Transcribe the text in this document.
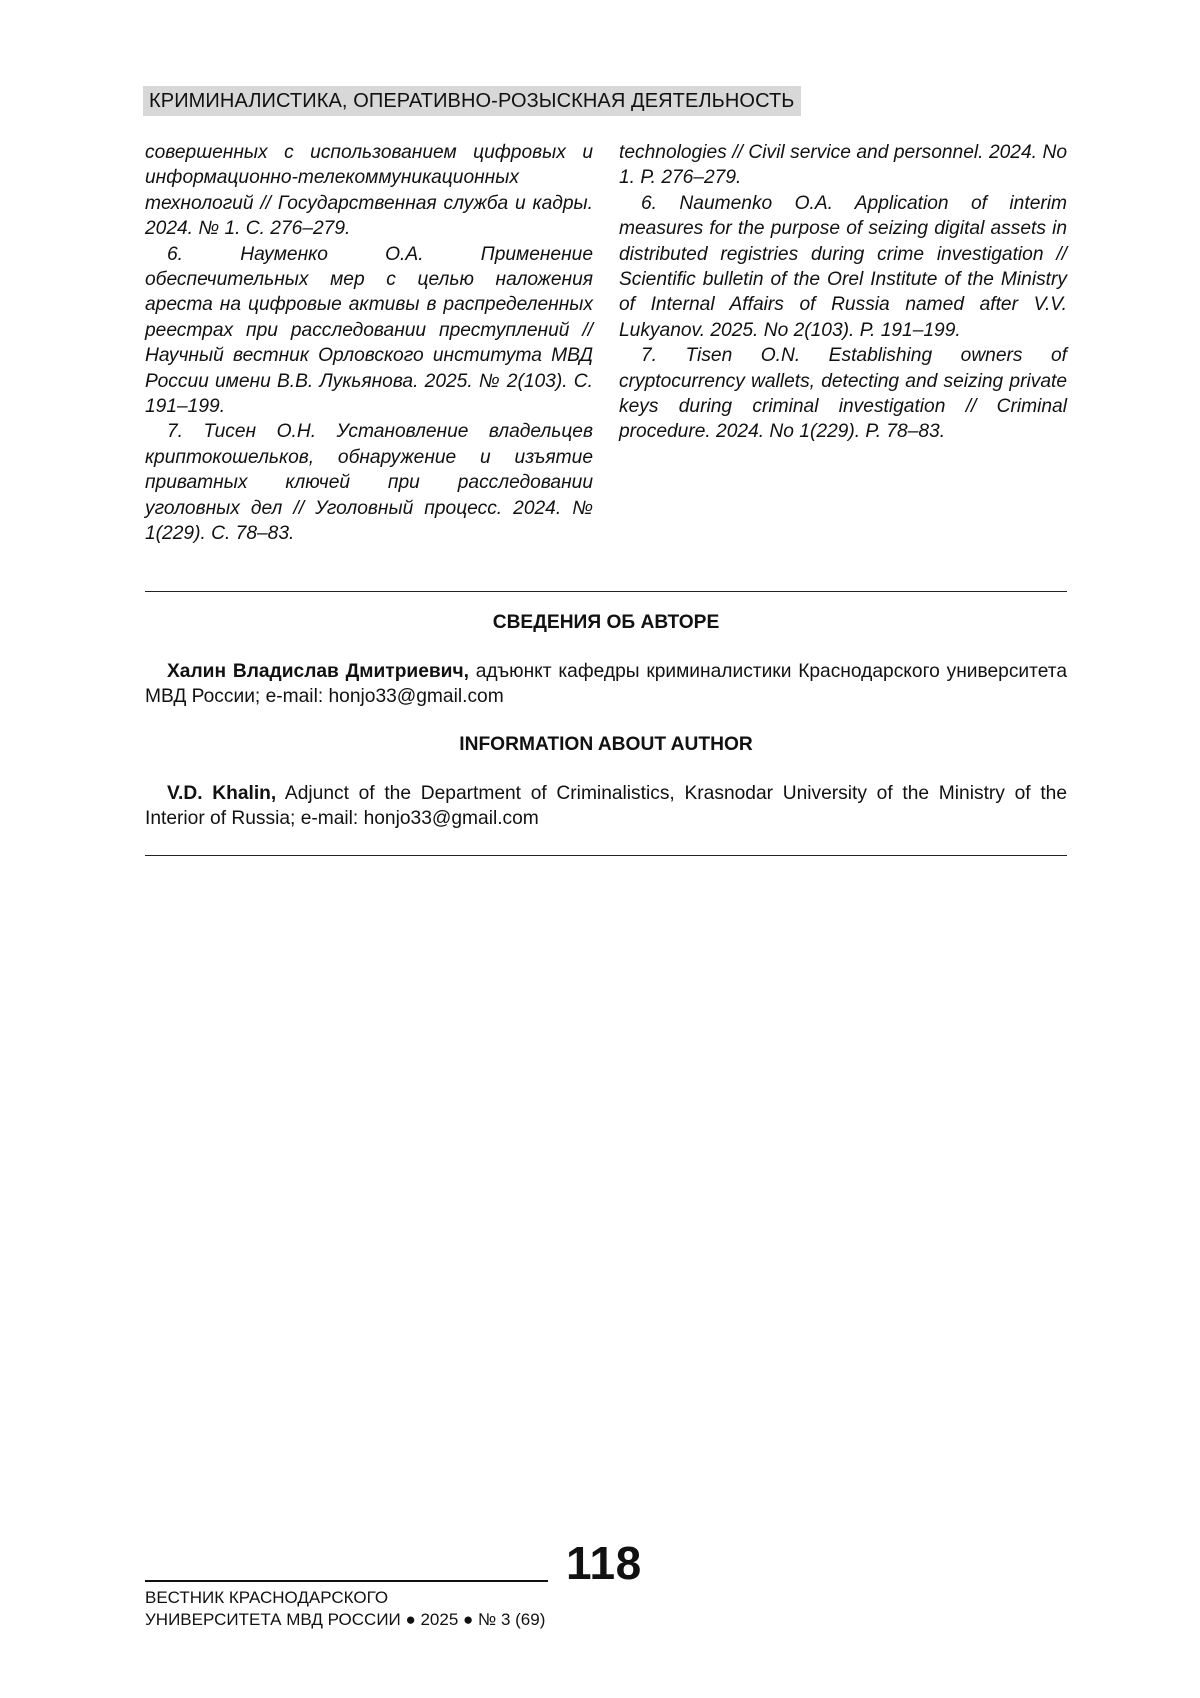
КРИМИНАЛИСТИКА, ОПЕРАТИВНО-РОЗЫСКНАЯ ДЕЯТЕЛЬНОСТЬ

совершенных с использованием цифровых и информационно-телекоммуникационных технологий // Государственная служба и кадры. 2024. № 1. С. 276–279.

6. Науменко О.А. Применение обеспечительных мер с целью наложения ареста на цифровые активы в распределенных реестрах при расследовании преступлений // Научный вестник Орловского института МВД России имени В.В. Лукьянова. 2025. № 2(103). С. 191–199.

7. Тисен О.Н. Установление владельцев криптокошельков, обнаружение и изъятие приватных ключей при расследовании уголовных дел // Уголовный процесс. 2024. № 1(229). С. 78–83.

technologies // Civil service and personnel. 2024. No 1. P. 276–279.

6. Naumenko O.A. Application of interim measures for the purpose of seizing digital assets in distributed registries during crime investigation // Scientific bulletin of the Orel Institute of the Ministry of Internal Affairs of Russia named after V.V. Lukyanov. 2025. No 2(103). P. 191–199.

7. Tisen O.N. Establishing owners of cryptocurrency wallets, detecting and seizing private keys during criminal investigation // Criminal procedure. 2024. No 1(229). P. 78–83.

СВЕДЕНИЯ ОБ АВТОРЕ
Халин Владислав Дмитриевич, адъюнкт кафедры криминалистики Краснодарского университета МВД России; e-mail: honjo33@gmail.com
INFORMATION ABOUT AUTHOR
V.D. Khalin, Adjunct of the Department of Criminalistics, Krasnodar University of the Ministry of the Interior of Russia; e-mail: honjo33@gmail.com
118
ВЕСТНИК КРАСНОДАРСКОГО
УНИВЕРСИТЕТА МВД РОССИИ ● 2025 ● № 3 (69)
